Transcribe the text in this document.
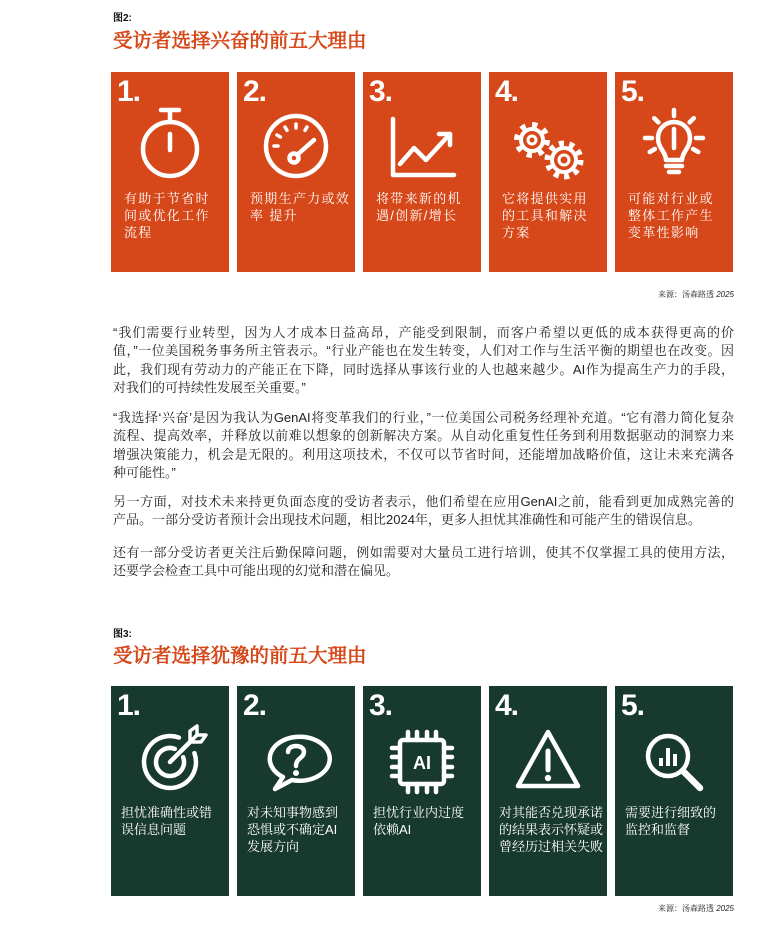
图2:
受访者选择兴奋的前五大理由
1.
有助于节省时
间或优化工作
流程
2.
预期生产力或效
率 提升
3.
将带来新的机
遇/创新/增长
4.
它将提供实用
的工具和解决
方案
5.
可能对行业或
整体工作产生
变革性影响
来源：汤森路透 2025
“我们需要行业转型，因为人才成本日益高昂，产能受到限制，而客户希望以更低的成本获得更高的价
值，”一位美国税务事务所主管表示。“行业产能也在发生转变，人们对工作与生活平衡的期望也在改变。因
此，我们现有劳动力的产能正在下降，同时选择从事该行业的人也越来越少。AI作为提高生产力的手段，
对我们的可持续性发展至关重要。”
“我选择‘兴奋’是因为我认为GenAI将变革我们的行业，”一位美国公司税务经理补充道。“它有潜力简化复杂
流程、提高效率，并释放以前难以想象的创新解决方案。从自动化重复性任务到利用数据驱动的洞察力来
增强决策能力，机会是无限的。利用这项技术，不仅可以节省时间，还能增加战略价值，这让未来充满各
种可能性。”
另一方面，对技术未来持更负面态度的受访者表示，他们希望在应用GenAI之前，能看到更加成熟完善的
产品。一部分受访者预计会出现技术问题，相比2024年，更多人担忧其准确性和可能产生的错误信息。
还有一部分受访者更关注后勤保障问题，例如需要对大量员工进行培训，使其不仅掌握工具的使用方法，
还要学会检查工具中可能出现的幻觉和潜在偏见。
图3:
受访者选择犹豫的前五大理由
1.
担忧准确性或错
误信息问题
2.
对未知事物感到
恐惧或不确定AI
发展方向
3.
AI
担忧行业内过度
依赖AI
4.
对其能否兑现承诺
的结果表示怀疑或
曾经历过相关失败
5.
需要进行细致的
监控和监督
来源：汤森路透 2025
